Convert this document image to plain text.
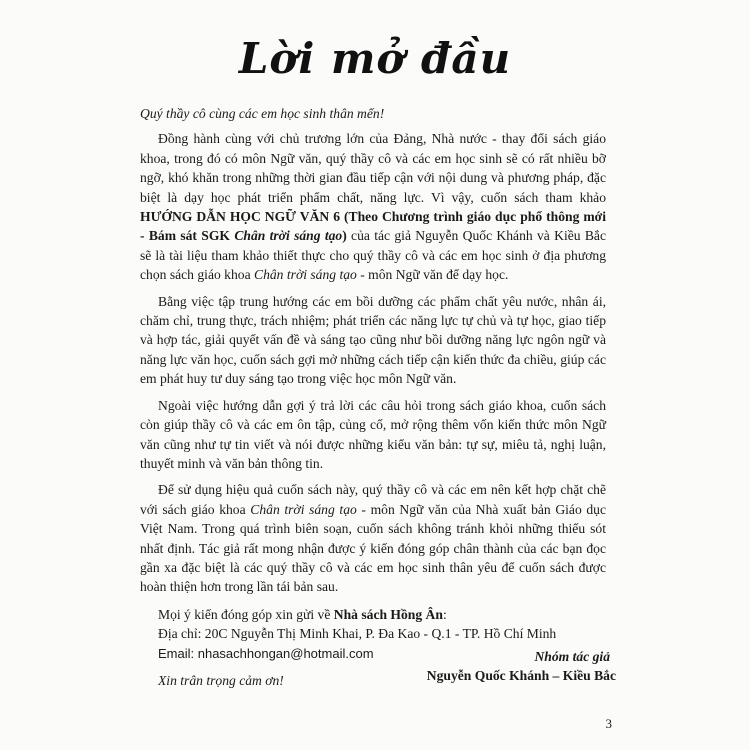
Lời mở đầu

Quý thầy cô cùng các em học sinh thân mến!

Đồng hành cùng với chủ trương lớn của Đảng, Nhà nước - thay đổi sách giáo khoa, trong đó có môn Ngữ văn, quý thầy cô và các em học sinh sẽ có rất nhiều bỡ ngỡ, khó khăn trong những thời gian đầu tiếp cận với nội dung và phương pháp, đặc biệt là dạy học phát triển phẩm chất, năng lực. Vì vậy, cuốn sách tham khảo HƯỚNG DẪN HỌC NGỮ VĂN 6 (Theo Chương trình giáo dục phổ thông mới - Bám sát SGK Chân trời sáng tạo) của tác giả Nguyễn Quốc Khánh và Kiều Bắc sẽ là tài liệu tham khảo thiết thực cho quý thầy cô và các em học sinh ở địa phương chọn sách giáo khoa Chân trời sáng tạo - môn Ngữ văn để dạy học.

Bằng việc tập trung hướng các em bồi dưỡng các phẩm chất yêu nước, nhân ái, chăm chỉ, trung thực, trách nhiệm; phát triển các năng lực tự chủ và tự học, giao tiếp và hợp tác, giải quyết vấn đề và sáng tạo cũng như bồi dưỡng năng lực ngôn ngữ và năng lực văn học, cuốn sách gợi mở những cách tiếp cận kiến thức đa chiều, giúp các em phát huy tư duy sáng tạo trong việc học môn Ngữ văn.

Ngoài việc hướng dẫn gợi ý trả lời các câu hỏi trong sách giáo khoa, cuốn sách còn giúp thầy cô và các em ôn tập, củng cố, mở rộng thêm vốn kiến thức môn Ngữ văn cũng như tự tin viết và nói được những kiểu văn bản: tự sự, miêu tả, nghị luận, thuyết minh và văn bản thông tin.

Để sử dụng hiệu quả cuốn sách này, quý thầy cô và các em nên kết hợp chặt chẽ với sách giáo khoa Chân trời sáng tạo - môn Ngữ văn của Nhà xuất bản Giáo dục Việt Nam. Trong quá trình biên soạn, cuốn sách không tránh khỏi những thiếu sót nhất định. Tác giả rất mong nhận được ý kiến đóng góp chân thành của các bạn đọc gần xa đặc biệt là các quý thầy cô và các em học sinh thân yêu để cuốn sách được hoàn thiện hơn trong lần tái bản sau.

Mọi ý kiến đóng góp xin gửi về Nhà sách Hồng Ân:
Địa chỉ: 20C Nguyễn Thị Minh Khai, P. Đa Kao - Q.1 - TP. Hồ Chí Minh
Email: nhasachhongan@hotmail.com

Xin trân trọng cảm ơn!

Nhóm tác giả
Nguyễn Quốc Khánh – Kiều Bắc
3
